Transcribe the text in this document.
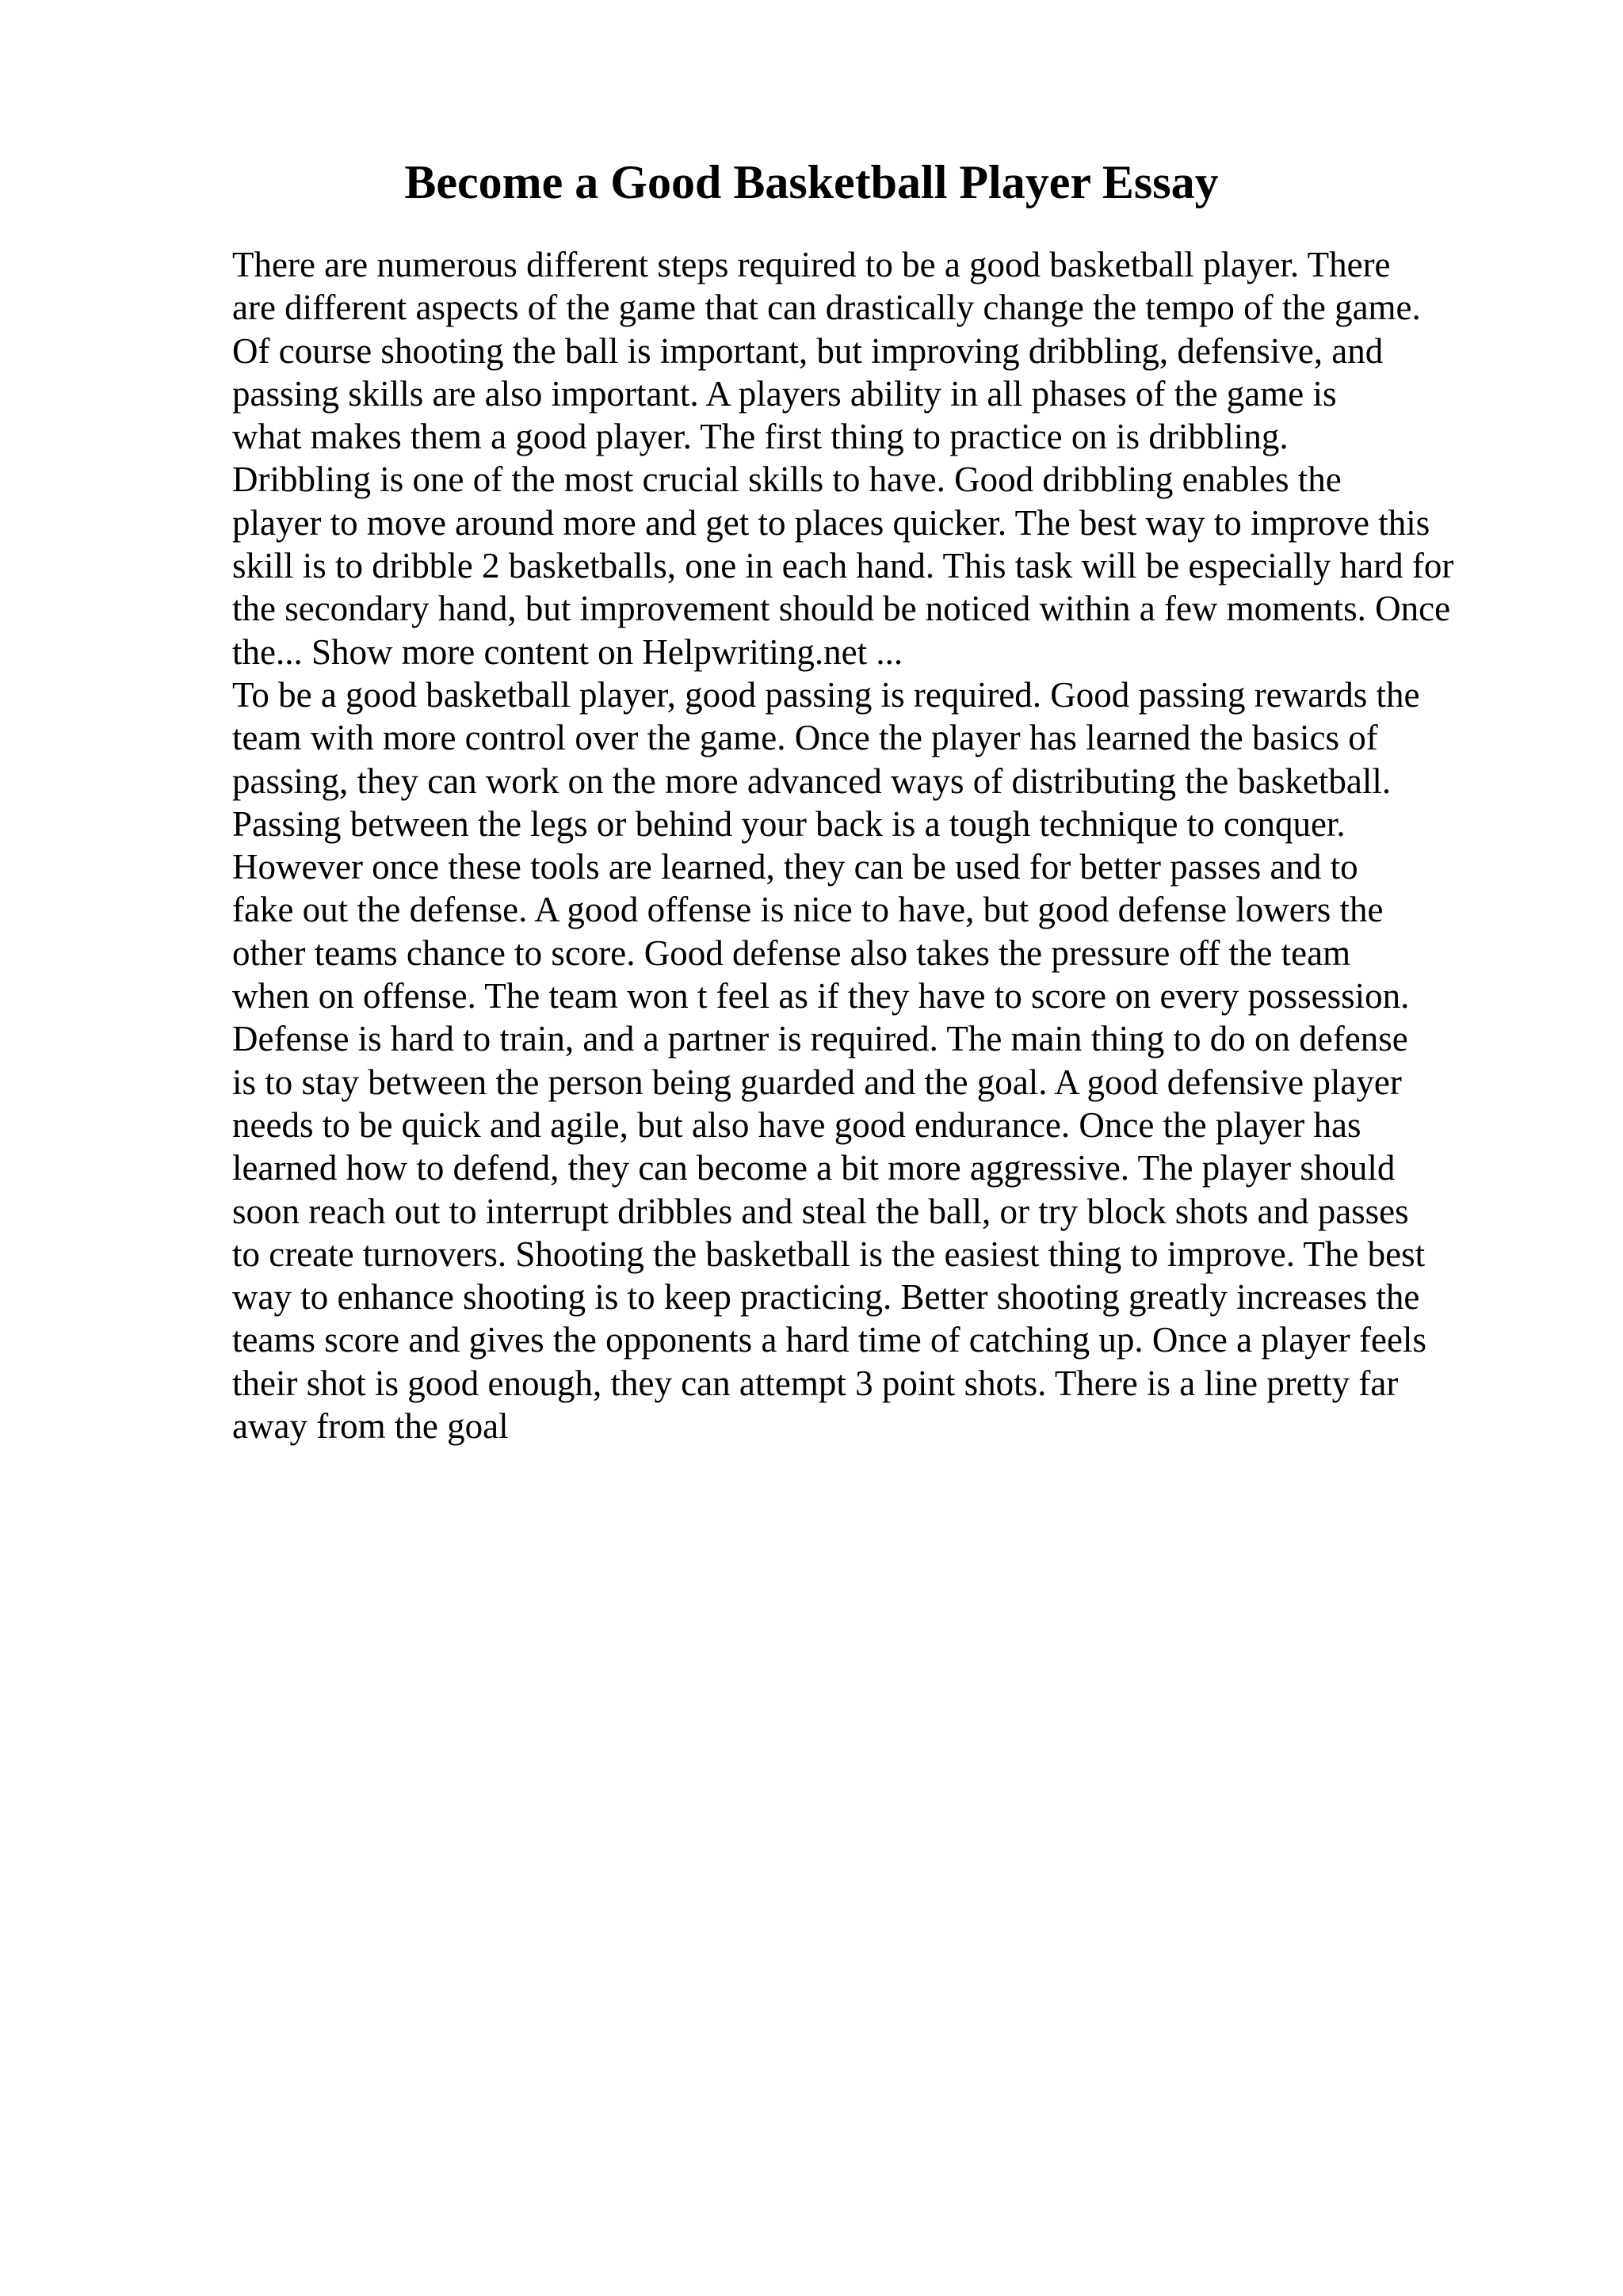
Become a Good Basketball Player Essay
There are numerous different steps required to be a good basketball player. There
are different aspects of the game that can drastically change the tempo of the game.
Of course shooting the ball is important, but improving dribbling, defensive, and
passing skills are also important. A players ability in all phases of the game is
what makes them a good player. The first thing to practice on is dribbling.
Dribbling is one of the most crucial skills to have. Good dribbling enables the
player to move around more and get to places quicker. The best way to improve this
skill is to dribble 2 basketballs, one in each hand. This task will be especially hard for
the secondary hand, but improvement should be noticed within a few moments. Once
the... Show more content on Helpwriting.net ...
To be a good basketball player, good passing is required. Good passing rewards the
team with more control over the game. Once the player has learned the basics of
passing, they can work on the more advanced ways of distributing the basketball.
Passing between the legs or behind your back is a tough technique to conquer.
However once these tools are learned, they can be used for better passes and to
fake out the defense. A good offense is nice to have, but good defense lowers the
other teams chance to score. Good defense also takes the pressure off the team
when on offense. The team won t feel as if they have to score on every possession.
Defense is hard to train, and a partner is required. The main thing to do on defense
is to stay between the person being guarded and the goal. A good defensive player
needs to be quick and agile, but also have good endurance. Once the player has
learned how to defend, they can become a bit more aggressive. The player should
soon reach out to interrupt dribbles and steal the ball, or try block shots and passes
to create turnovers. Shooting the basketball is the easiest thing to improve. The best
way to enhance shooting is to keep practicing. Better shooting greatly increases the
teams score and gives the opponents a hard time of catching up. Once a player feels
their shot is good enough, they can attempt 3 point shots. There is a line pretty far
away from the goal
